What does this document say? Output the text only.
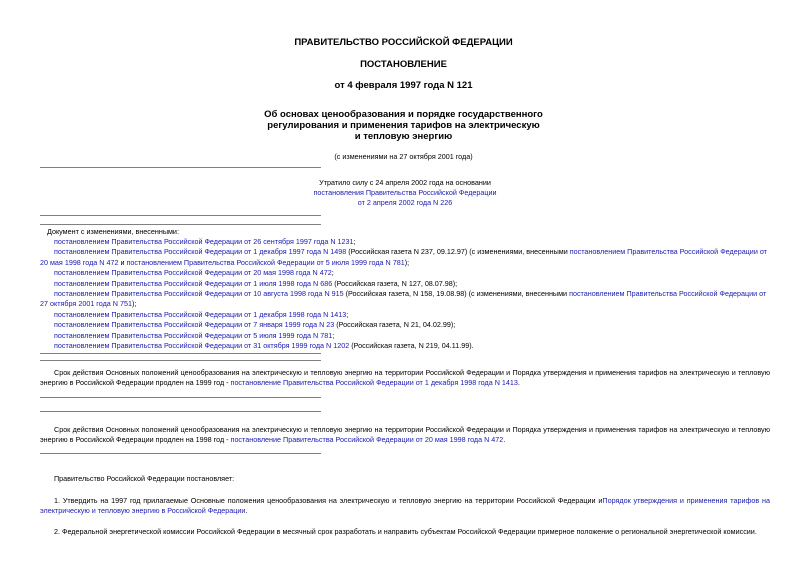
ПРАВИТЕЛЬСТВО РОССИЙСКОЙ ФЕДЕРАЦИИ
ПОСТАНОВЛЕНИЕ
от 4 февраля 1997 года N 121
Об основах ценообразования и порядке государственного
регулирования и применения тарифов на электрическую
и тепловую энергию
(с изменениями на 27 октября 2001 года)
Утратило силу с 24 апреля 2002 года на основании
постановления Правительства Российской Федерации
от 2 апреля 2002 года N 226
Документ с изменениями, внесенными:
постановлением Правительства Российской Федерации от 26 сентября 1997 года N 1231;
постановлением Правительства Российской Федерации от 1 декабря 1997 года N 1498 (Российская газета N 237, 09.12.97) (с изменениями, внесенными постановлением Правительства Российской Федерации от 20 мая 1998 года N 472 и постановлением Правительства Российской Федерации от 5 июля 1999 года N 781);
постановлением Правительства Российской Федерации от 20 мая 1998 года N 472;
постановлением Правительства Российской Федерации от 1 июля 1998 года N 686 (Российская газета, N 127, 08.07.98);
постановлением Правительства Российской Федерации от 10 августа 1998 года N 915 (Российская газета, N 158, 19.08.98) (с изменениями, внесенными постановлением Правительства Российской Федерации от 27 октября 2001 года N 751);
постановлением Правительства Российской Федерации от 1 декабря 1998 года N 1413;
постановлением Правительства Российской Федерации от 7 января 1999 года N 23 (Российская газета, N 21, 04.02.99);
постановлением Правительства Российской Федерации от 5 июля 1999 года N 781;
постановлением Правительства Российской Федерации от 31 октября 1999 года N 1202 (Российская газета, N 219, 04.11.99).
Срок действия Основных положений ценообразования на электрическую и тепловую энергию на территории Российской Федерации и Порядка утверждения и применения тарифов на электрическую и тепловую энергию в Российской Федерации продлен на 1999 год - постановление Правительства Российской Федерации от 1 декабря 1998 года N 1413.
Срок действия Основных положений ценообразования на электрическую и тепловую энергию на территории Российской Федерации и Порядка утверждения и применения тарифов на электрическую и тепловую энергию в Российской Федерации продлен на 1998 год - постановление Правительства Российской Федерации от 20 мая 1998 года N 472.
Правительство Российской Федерации постановляет:
1. Утвердить на 1997 год прилагаемые Основные положения ценообразования на электрическую и тепловую энергию на территории Российской Федерации иПорядок утверждения и применения тарифов на электрическую и тепловую энергию в Российской Федерации.
2. Федеральной энергетической комиссии Российской Федерации в месячный срок разработать и направить субъектам Российской Федерации примерное положение о региональной энергетической комиссии.
